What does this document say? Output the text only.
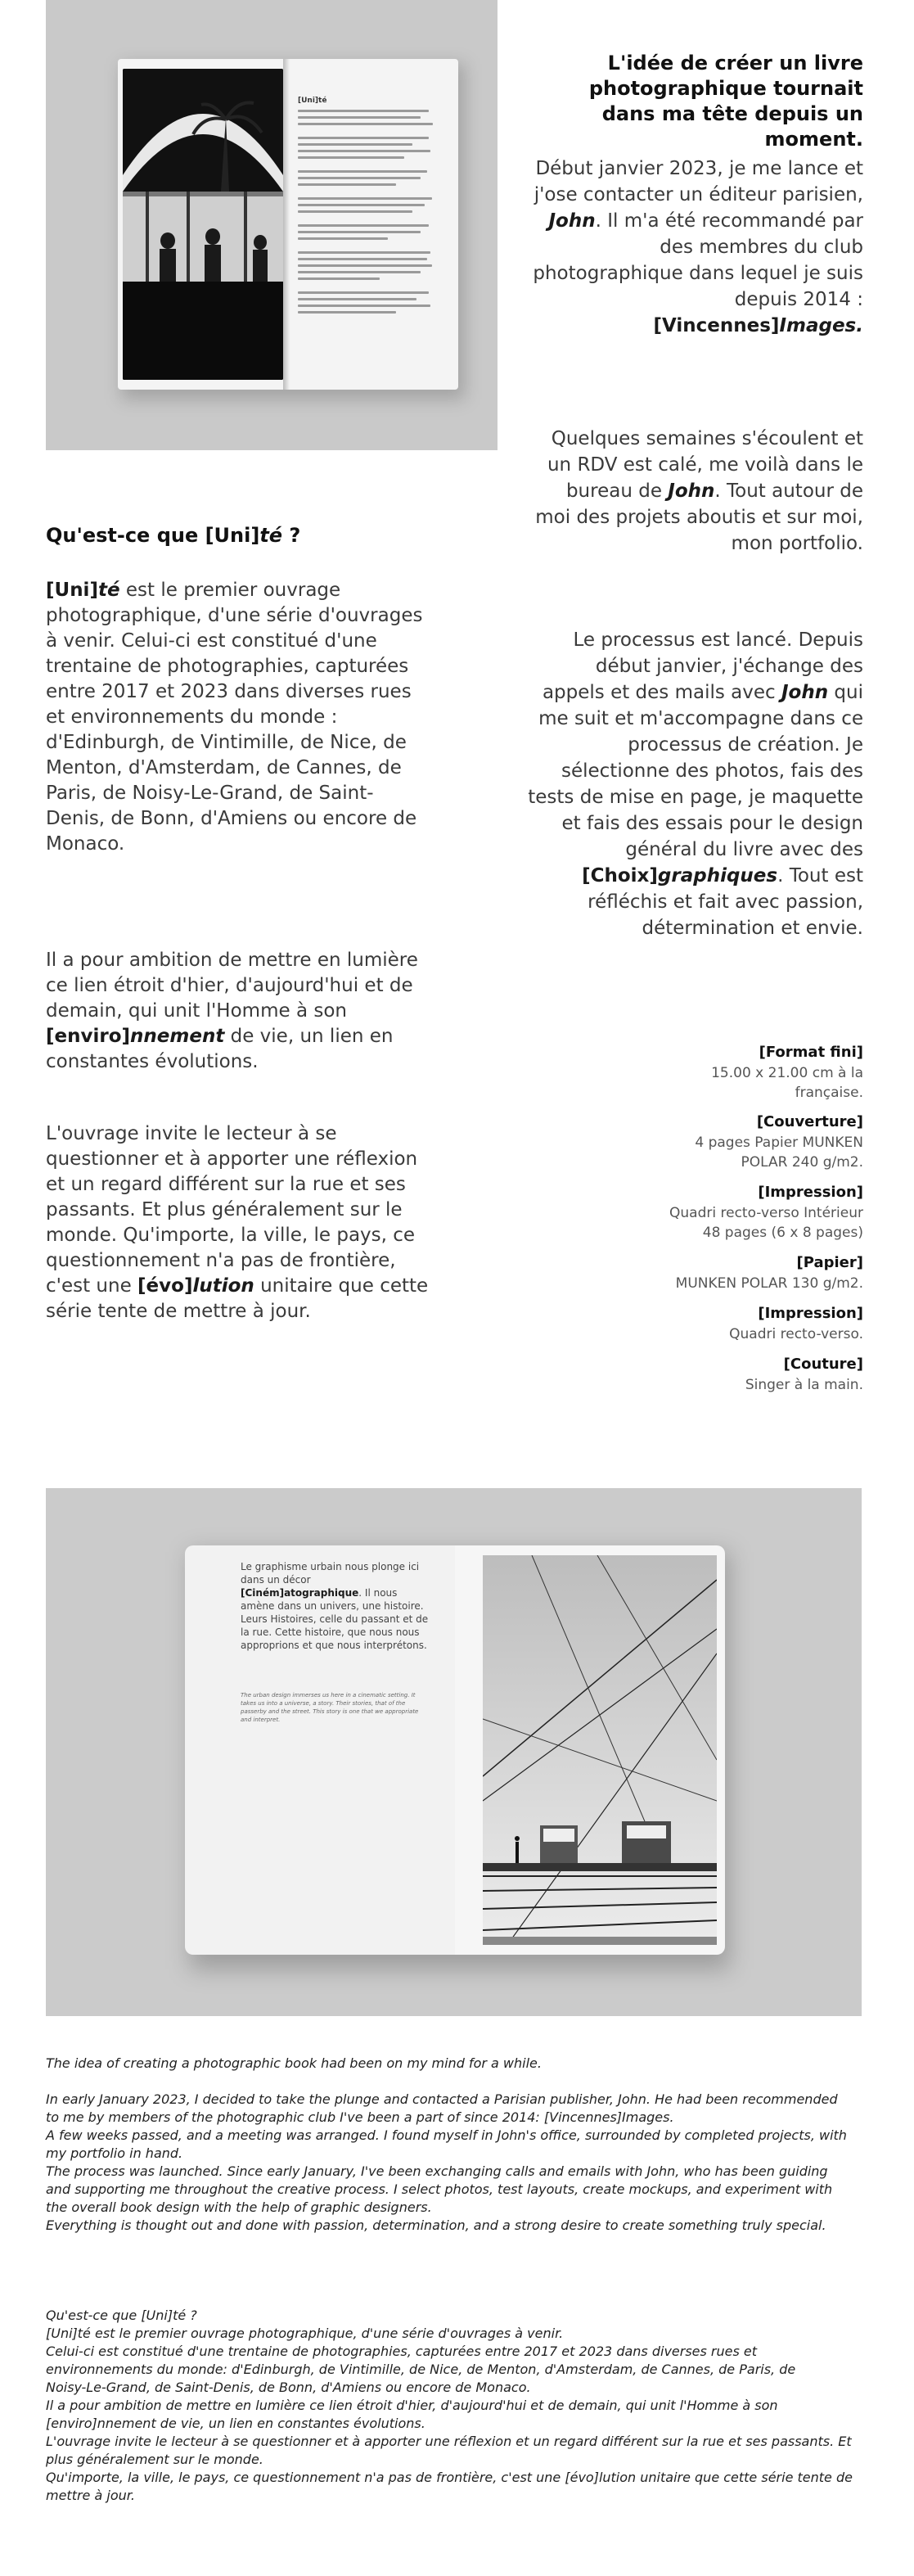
[Uni]té
L'idée de créer un livre photographique tournait dans ma tête depuis un moment.
Début janvier 2023, je me lance et j'ose contacter un éditeur parisien, John. Il m'a été recommandé par des membres du club photographique dans lequel je suis depuis 2014 : [Vincennes]Images.
Quelques semaines s'écoulent et un RDV est calé, me voilà dans le bureau de John. Tout autour de moi des projets aboutis et sur moi, mon portfolio.
Le processus est lancé. Depuis début janvier, j'échange des appels et des mails avec John qui me suit et m'accompagne dans ce processus de création. Je sélectionne des photos, fais des tests de mise en page, je maquette et fais des essais pour le design général du livre avec des [Choix]graphiques. Tout est réfléchis et fait avec passion, détermination et envie.
Qu'est-ce que [Uni]té ?
[Uni]té est le premier ouvrage photographique, d'une série d'ouvrages à venir. Celui-ci est constitué d'une trentaine de photographies, capturées entre 2017 et 2023 dans diverses rues et environnements du monde : d'Edinburgh, de Vintimille, de Nice, de Menton, d'Amsterdam, de Cannes, de Paris, de Noisy-Le-Grand, de Saint-Denis, de Bonn, d'Amiens ou encore de Monaco.
Il a pour ambition de mettre en lumière ce lien étroit d'hier, d'aujourd'hui et de demain, qui unit l'Homme à son [enviro]nnement de vie, un lien en constantes évolutions.
L'ouvrage invite le lecteur à se questionner et à apporter une réflexion et un regard différent sur la rue et ses passants. Et plus généralement sur le monde. Qu'importe, la ville, le pays, ce questionnement n'a pas de frontière, c'est une [évo]lution unitaire que cette série tente de mettre à jour.
[Format fini]
15.00 x 21.00 cm à la
française.
[Couverture]
4 pages Papier MUNKEN
POLAR 240 g/m2.
[Impression]
Quadri recto-verso Intérieur
48 pages (6 x 8 pages)
[Papier]
MUNKEN POLAR 130 g/m2.
[Impression]
Quadri recto-verso.
[Couture]
Singer à la main.
Le graphisme urbain nous plonge ici dans un décor [Ciném]atographique. Il nous amène dans un univers, une histoire. Leurs Histoires, celle du passant et de la rue. Cette histoire, que nous nous approprions et que nous interprétons.
The urban design immerses us here in a cinematic setting. It takes us into a universe, a story. Their stories, that of the passerby and the street. This story is one that we appropriate and interpret.
The idea of creating a photographic book had been on my mind for a while.
In early January 2023, I decided to take the plunge and contacted a Parisian publisher, John. He had been recommended
to me by members of the photographic club I've been a part of since 2014: [Vincennes]Images.
A few weeks passed, and a meeting was arranged. I found myself in John's office, surrounded by completed projects, with
my portfolio in hand.
The process was launched. Since early January, I've been exchanging calls and emails with John, who has been guiding
and supporting me throughout the creative process. I select photos, test layouts, create mockups, and experiment with
the overall book design with the help of graphic designers.
Everything is thought out and done with passion, determination, and a strong desire to create something truly special.
Qu'est-ce que [Uni]té ?
[Uni]té est le premier ouvrage photographique, d'une série d'ouvrages à venir.
Celui-ci est constitué d'une trentaine de photographies, capturées entre 2017 et 2023 dans diverses rues et
environnements du monde: d'Edinburgh, de Vintimille, de Nice, de Menton, d'Amsterdam, de Cannes, de Paris, de
Noisy-Le-Grand, de Saint-Denis, de Bonn, d'Amiens ou encore de Monaco.
Il a pour ambition de mettre en lumière ce lien étroit d'hier, d'aujourd'hui et de demain, qui unit l'Homme à son
[enviro]nnement de vie, un lien en constantes évolutions.
L'ouvrage invite le lecteur à se questionner et à apporter une réflexion et un regard différent sur la rue et ses passants. Et
plus généralement sur le monde.
Qu'importe, la ville, le pays, ce questionnement n'a pas de frontière, c'est une [évo]lution unitaire que cette série tente de
mettre à jour.
